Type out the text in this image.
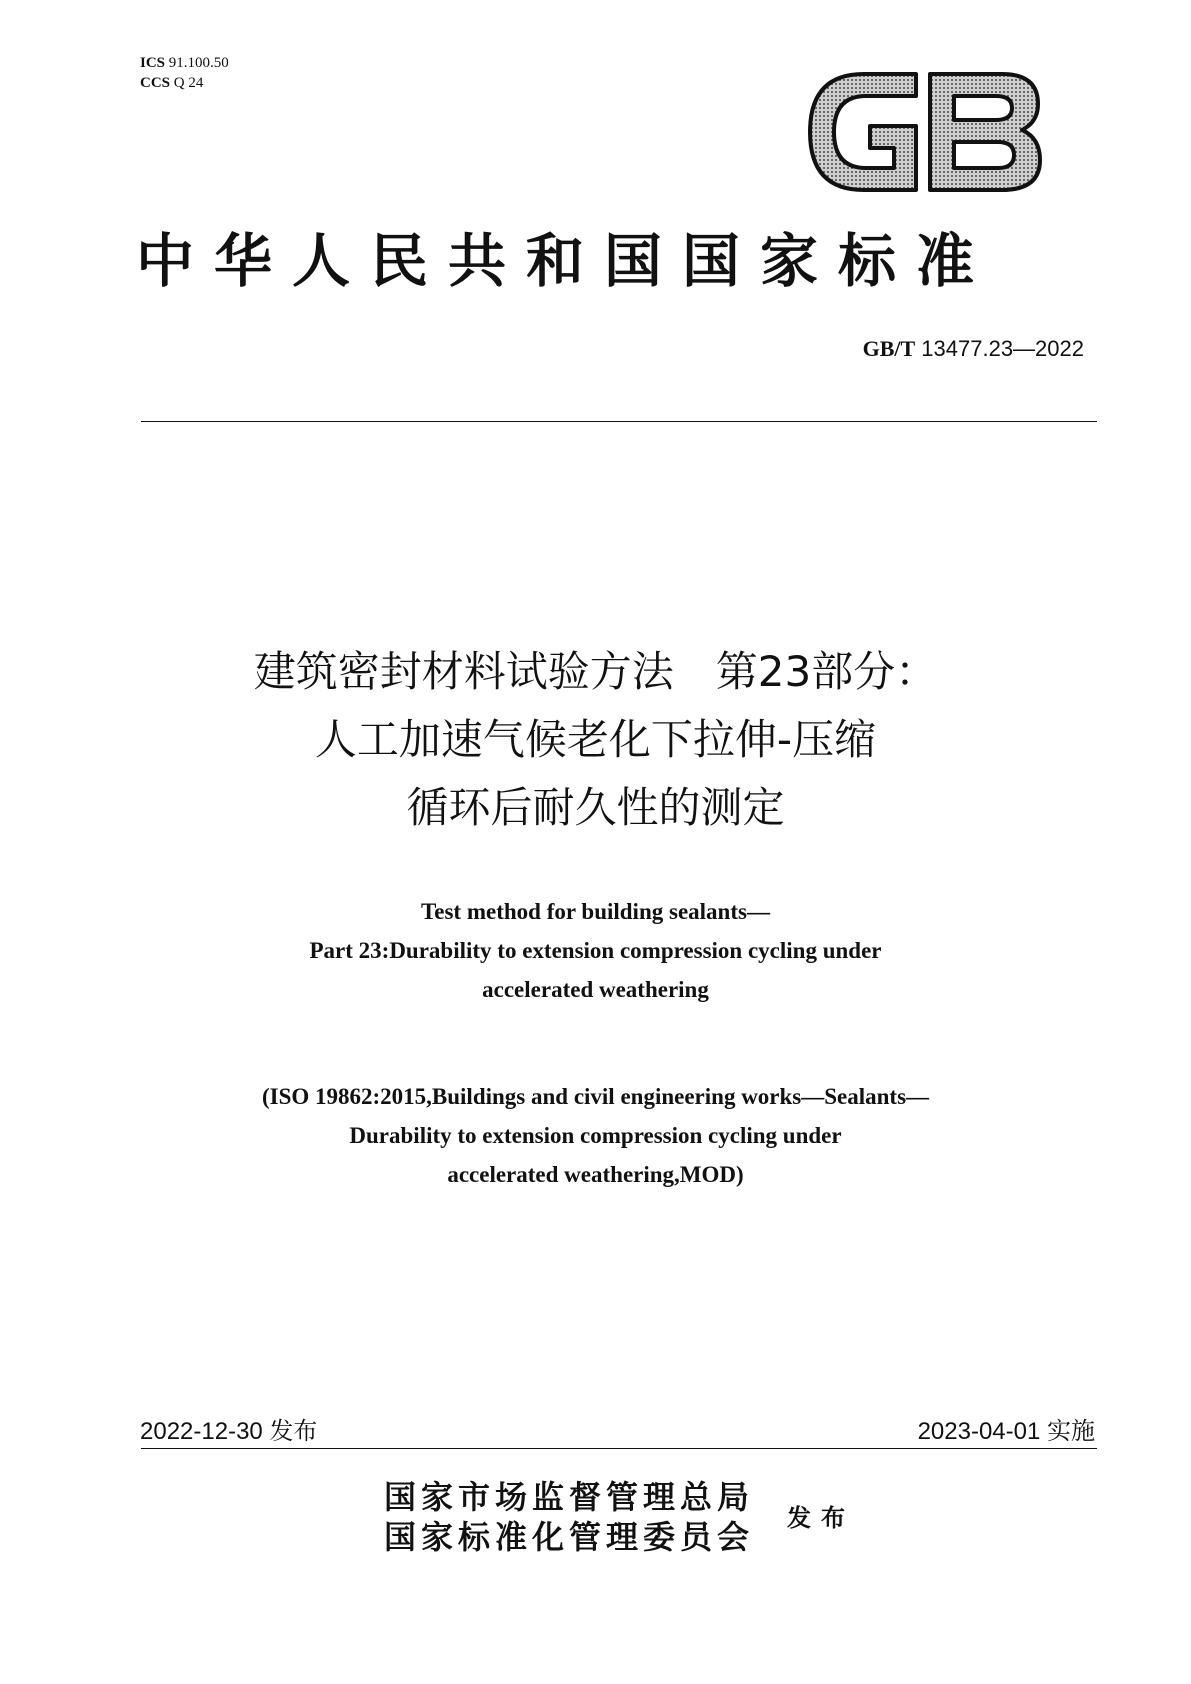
ICS 91.100.50
CCS Q 24
中华人民共和国国家标准
GB/T 13477.23—2022
建筑密封材料试验方法　第23部分：
人工加速气候老化下拉伸-压缩
循环后耐久性的测定
Test method for building sealants—
Part 23:Durability to extension compression cycling under
accelerated weathering
(ISO 19862:2015,Buildings and civil engineering works—Sealants—
Durability to extension compression cycling under
accelerated weathering,MOD)
2022-12-30 发布	2023-04-01 实施
国家市场监督管理总局
国家标准化管理委员会
发布
